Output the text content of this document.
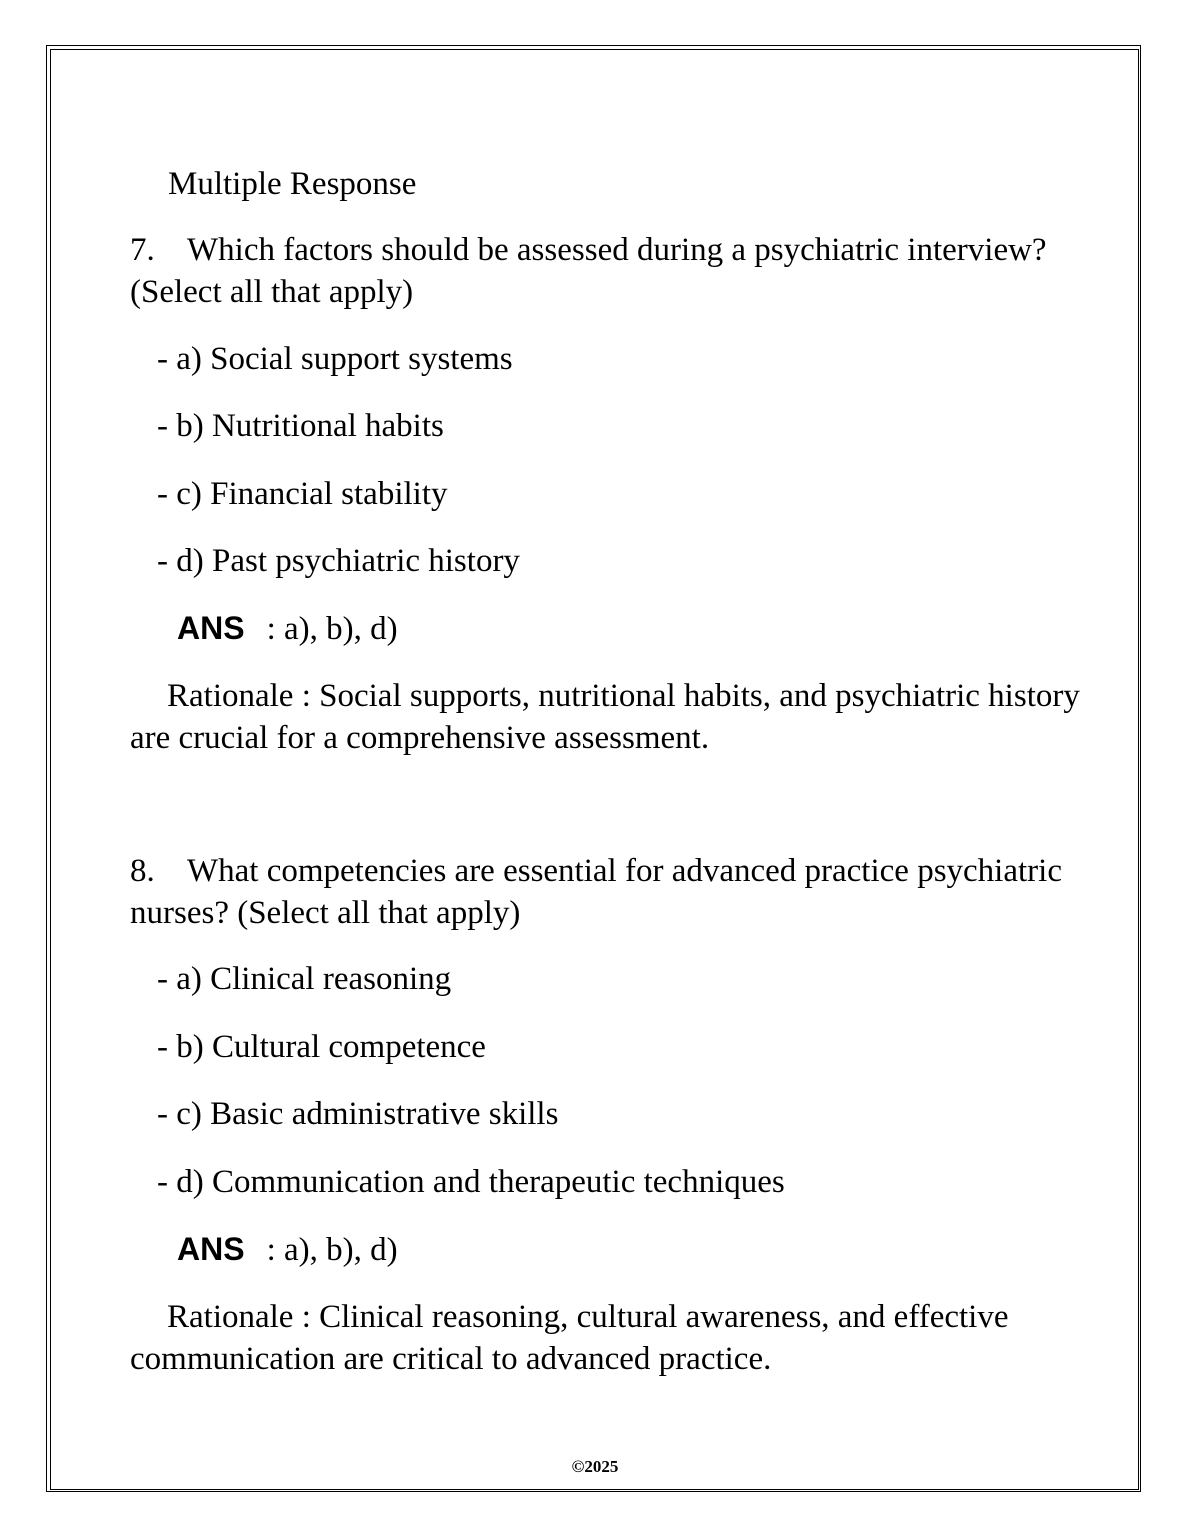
Multiple Response
7. Which factors should be assessed during a psychiatric interview? (Select all that apply)
- a) Social support systems
- b) Nutritional habits
- c) Financial stability
- d) Past psychiatric history
ANS : a), b), d)
Rationale : Social supports, nutritional habits, and psychiatric history are crucial for a comprehensive assessment.
8. What competencies are essential for advanced practice psychiatric nurses? (Select all that apply)
- a) Clinical reasoning
- b) Cultural competence
- c) Basic administrative skills
- d) Communication and therapeutic techniques
ANS : a), b), d)
Rationale : Clinical reasoning, cultural awareness, and effective communication are critical to advanced practice.
©2025
